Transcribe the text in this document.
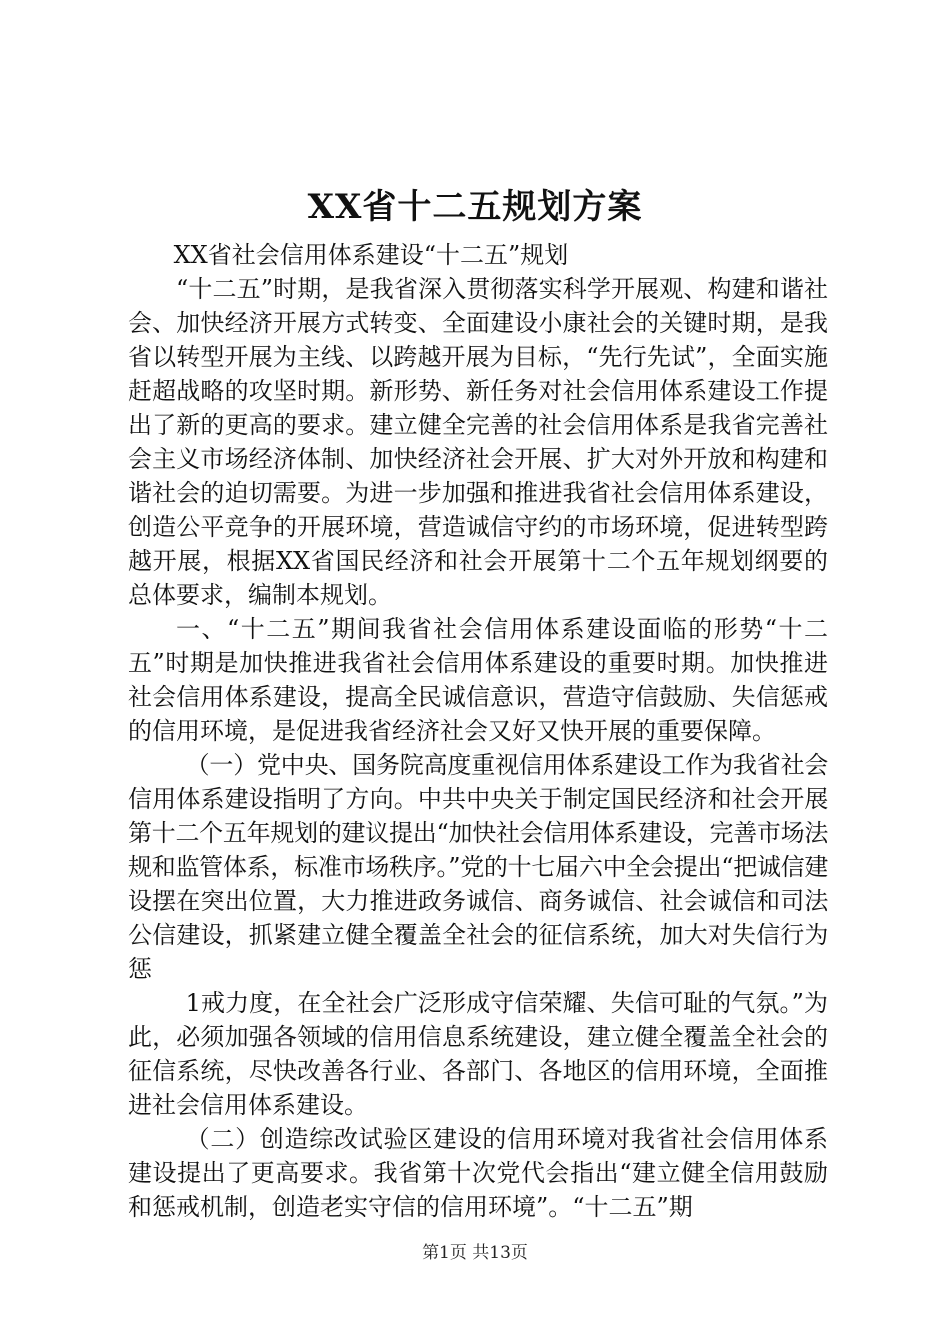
XX省十二五规划方案

XX省社会信用体系建设“十二五”规划

“十二五”时期，是我省深入贯彻落实科学开展观、构建和谐社会、加快经济开展方式转变、全面建设小康社会的关键时期，是我省以转型开展为主线、以跨越开展为目标，“先行先试”，全面实施赶超战略的攻坚时期。新形势、新任务对社会信用体系建设工作提出了新的更高的要求。建立健全完善的社会信用体系是我省完善社会主义市场经济体制、加快经济社会开展、扩大对外开放和构建和谐社会的迫切需要。为进一步加强和推进我省社会信用体系建设，创造公平竞争的开展环境，营造诚信守约的市场环境，促进转型跨越开展，根据XX省国民经济和社会开展第十二个五年规划纲要的总体要求，编制本规划。

一、“十二五”期间我省社会信用体系建设面临的形势“十二五”时期是加快推进我省社会信用体系建设的重要时期。加快推进社会信用体系建设，提高全民诚信意识，营造守信鼓励、失信惩戒的信用环境，是促进我省经济社会又好又快开展的重要保障。

（一）党中央、国务院高度重视信用体系建设工作为我省社会信用体系建设指明了方向。中共中央关于制定国民经济和社会开展第十二个五年规划的建议提出“加快社会信用体系建设，完善市场法规和监管体系，标准市场秩序。”党的十七届六中全会提出“把诚信建设摆在突出位置，大力推进政务诚信、商务诚信、社会诚信和司法公信建设，抓紧建立健全覆盖全社会的征信系统，加大对失信行为惩

1戒力度，在全社会广泛形成守信荣耀、失信可耻的气氛。”为此，必须加强各领域的信用信息系统建设，建立健全覆盖全社会的征信系统，尽快改善各行业、各部门、各地区的信用环境，全面推进社会信用体系建设。

（二）创造综改试验区建设的信用环境对我省社会信用体系建设提出了更高要求。我省第十次党代会指出“建立健全信用鼓励和惩戒机制，创造老实守信的信用环境”。“十二五”期

第1页 共13页
